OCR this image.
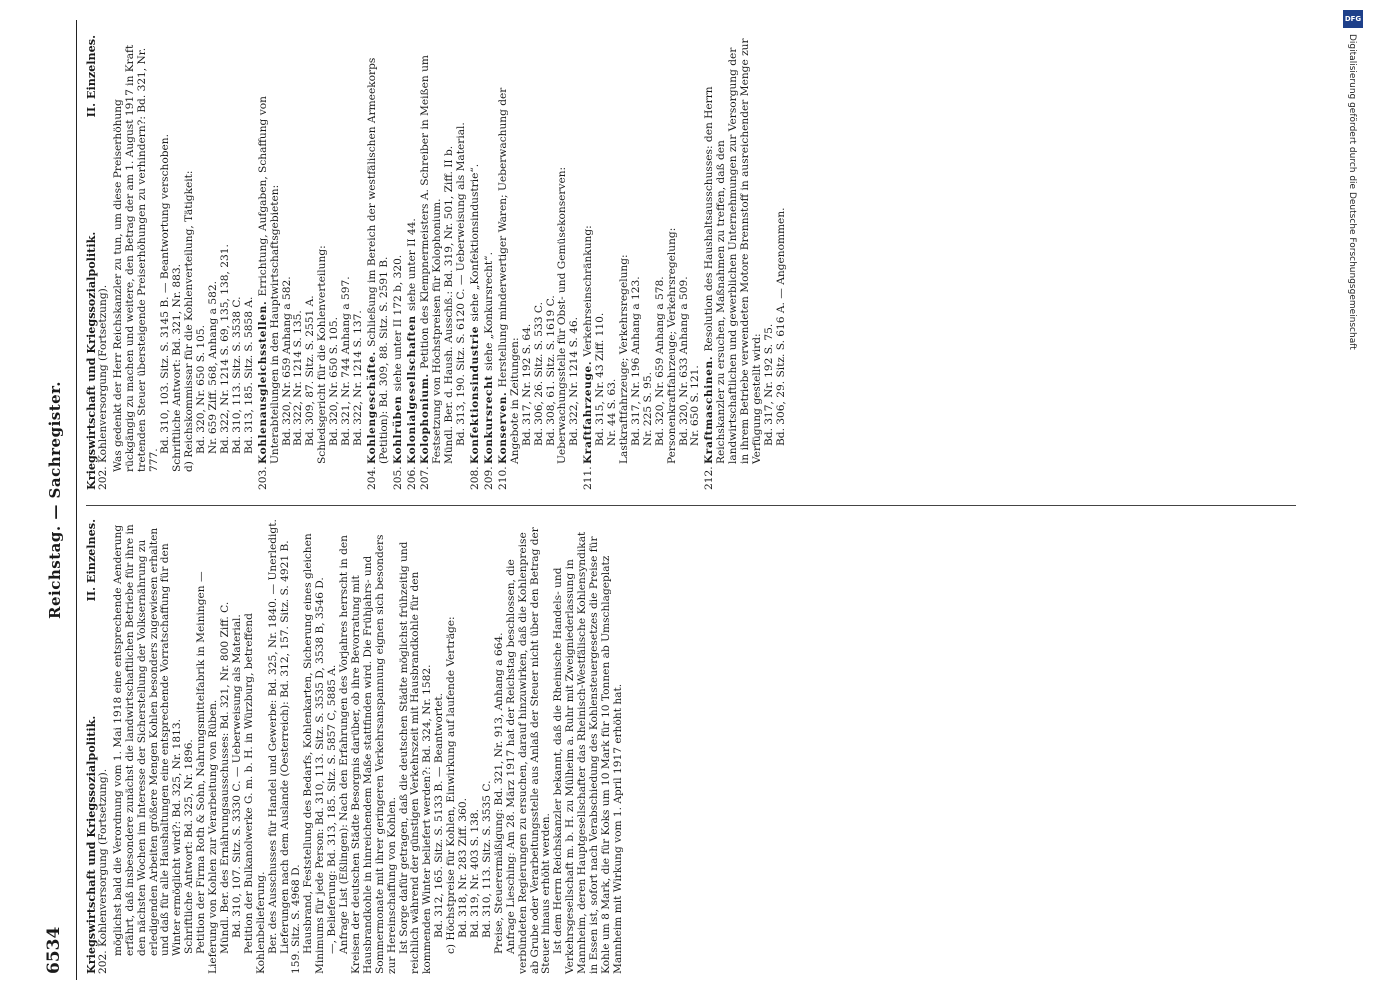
6534
Reichstag. — Sachregister.
Kriegswirtschaft und Kriegssozialpolitik.
II. Einzelnes.
202. Kohlenversorgung (Fortsetzung). möglichst bald die Verordnung vom 1. Mai 1918 eine entsprechende Aenderung erfährt, daß insbesondere zunächst die landwirtschaftlichen Betriebe für ihre in den nächsten Wochen im Interesse der Sicherstellung der Volksernährung zu erledigenden Arbeiten größere Mengen Kohlen besonders zugewiesen erhalten und daß für alle Haushaltungen eine entsprechende Vorratschaffung für den Winter ermöglicht wird?: Bd. 325, Nr. 1813. Schriftliche Antwort: Bd. 325, Nr. 1896. Petition der Firma Roth & Sohn, Nahrungsmittelfabrik in Meiningen — Lieferung von Kohlen zur Verarbeitung von Rüben. Mündl. Ber. des Ernährungsausschusses: Bd. 321, Nr. 800 Ziff. C. Bd. 310, 107. Sitz. S. 3330 C. — Ueberweisung als Material. Petition der Bulkanolwerke G. m. b. H. in Würzburg, betreffend Kohlenbelieferung. Ber. des Ausschusses für Handel und Gewerbe: Bd. 325, Nr. 1840. — Unerledigt. Lieferungen nach dem Auslande (Oesterreich): Bd. 312, 157. Sitz. S. 4921 B. 159. Sitz. S. 4968 D. Hausbrand, Feststellung des Bedarfs, Kohlenkarten, Sicherung eines gleichen Minimums für jede Person: Bd. 310, 113. Sitz. S. 3535 D, 3538 B, 3546 D. —, Belieferung: Bd. 313, 185. Sitz. S. 5857 C, 5885 A. Anfrage List (Eßlingen): Nach den Erfahrungen des Vorjahres herrscht in den Kreisen der deutschen Städte Besorgnis darüber, ob ihre Bevorratung mit Hausbrandkohle in hinreichendem Maße stattfinden wird. Die Frühjahrs- und Sommermonate mit ihrer geringeren Verkehrsanspannung eignen sich besonders zur Hereinschaffung von Kohlen. Ist Sorge dafür getragen, daß die deutschen Städte möglichst frühzeitig und reichlich während der günstigen Verkehrszeit mit Hausbrandkohle für den kommenden Winter beliefert werden?: Bd. 324, Nr. 1582. Bd. 312, 165. Sitz. S. 5133 B. — Beantwortet. c) Höchstpreise für Kohlen, Einwirkung auf laufende Verträge: Bd. 318, Nr. 283 Ziff. 360. Bd. 319, Nr. 403 S. 138. Bd. 310, 113. Sitz. S. 3535 C. Preise, Steuerermäßigung: Bd. 321, Nr. 913, Anhang a 664. Anfrage Liesching: Am 28. März 1917 hat der Reichstag beschlossen, die verbündeten Regierungen zu ersuchen, darauf hinzuwirken, daß die Kohlenpreise ab Grube oder Verarbeitungsstelle aus Anlaß der Steuer nicht über den Betrag der Steuer hinaus erhöht werden. Ist dem Herrn Reichskanzler bekannt, daß die Rheinische Handels- und Verkehrsgesellschaft m. b. H. zu Mülheim a. Ruhr mit Zweigniederlassung in Mannheim, deren Hauptgesellschafter das Rheinisch-Westfälische Kohlensyndikat in Essen ist, sofort nach Verabschiedung des Kohlensteuergesetzes die Preise für Kohle um 8 Mark, die für Koks um 10 Mark für 10 Tonnen ab Umschlageplatz Mannheim mit Wirkung vom 1. April 1917 erhöht hat.

Kriegswirtschaft und Kriegssozialpolitik.
II. Einzelnes.
202. Kohlenversorgung (Fortsetzung). Was gedenkt der Herr Reichskanzler zu tun, um diese Preiserhöhung rückgängig zu machen und weitere, den Betrag der am 1. August 1917 in Kraft tretenden Steuer übersteigende Preiserhöhungen zu verhindern?: Bd. 321, Nr. 777.

Bd. 310, 103. Sitz. S. 3145 B. — Beantwortung verschoben. Schriftliche Antwort: Bd. 321, Nr. 883. d) Reichskommissar für die Kohlenverteilung, Tätigkeit: Bd. 320, Nr. 650 S. 105. Nr. 659 Ziff. 568, Anhang a 582. Bd. 322, Nr. 1214 S. 69, 135, 138, 231. Bd. 310, 113. Sitz. S. 3538 C. Bd. 313, 185. Sitz. S. 5858 A.

203.
Kohlenausgleichsstellen. Errichtung, Aufgaben, Schaffung von Unterabteilungen in den Hauptwirtschaftsgebieten: Bd. 320, Nr. 659 Anhang a 582. Bd. 322, Nr. 1214 S. 135. Bd. 309, 87. Sitz. S. 2551 A. Schiedsgericht für die Kohlenverteilung: Bd. 320, Nr. 650 S. 105. Bd. 321, Nr. 744 Anhang a 597. Bd. 322, Nr. 1214 S. 137.

204.
Kohlengeschäfte. Schließung im Bereich der westfälischen Armeekorps (Petition): Bd. 309, 88. Sitz. S. 2591 B.
205.
Kohlrüben siehe unter II 172 b, 320.
206.
Kolonialgesellschaften siehe unter II 44.
207.
Kolophonium. Petition des Klempnermeisters A. Schreiber in Meißen um Festsetzung von Höchstpreisen für Kolophonium. Mündl. Ber. d. Haush. Ausschß.: Bd. 319, Nr. 501, Ziff. II b. Bd. 313, 190. Sitz. S. 6120 C. — Ueberweisung als Material.

208.
Konfektionsindustrie siehe „Konfektionsindustrie“.
209.
Konkursrecht siehe „Konkursrecht“.
210.
Konserven. Herstellung minderwertiger Waren; Ueberwachung der Angebote in Zeitungen: Bd. 317, Nr. 192 S. 64. Bd. 306, 26. Sitz. S. 533 C. Bd. 308, 61. Sitz. S. 1619 C. Ueberwachungsstelle für Obst- und Gemüsekonserven: Bd. 322, Nr. 1214 S. 46.

211.
Kraftfahrzeuge. Verkehrseinschränkung:

Bd. 315, Nr. 43 Ziff. 110. Nr. 44 S. 63. Lastkraftfahrzeuge; Verkehrsregelung: Bd. 317, Nr. 196 Anhang a 123. Nr. 225 S. 95. Bd. 320, Nr. 659 Anhang a 578. Personenkraftfahrzeuge; Verkehrsregelung: Bd. 320, Nr. 633 Anhang a 509. Nr. 650 S. 121.

212.
Kraftmaschinen. Resolution des Haushaltsausschusses: den Herrn Reichskanzler zu ersuchen, Maßnahmen zu treffen, daß den landwirtschaftlichen und gewerblichen Unternehmungen zur Versorgung der in ihrem Betriebe verwendeten Motore Brennstoff in ausreichender Menge zur Verfügung gestellt wird: Bd. 317, Nr. 192 S. 75. Bd. 306, 29. Sitz. S. 616 A. — Angenommen.

DFG
Digitalisierung gefördert durch die Deutsche Forschungsgemeinschaft
